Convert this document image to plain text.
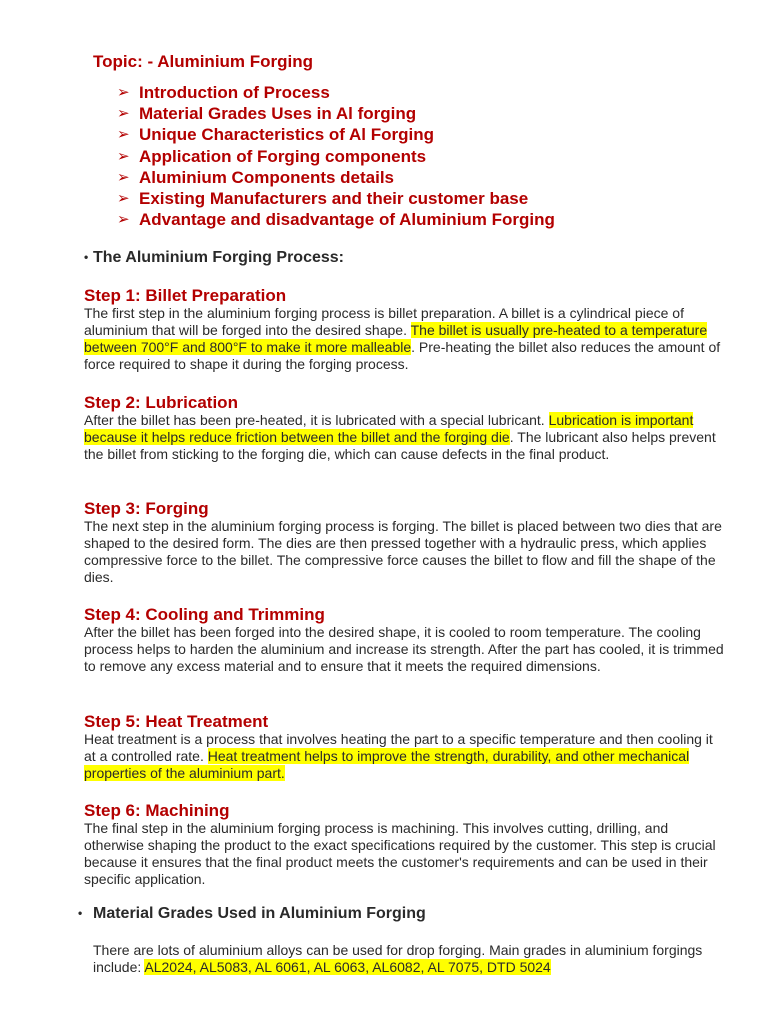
Topic: - Aluminium Forging
➢ Introduction of Process
➢ Material Grades Uses in Al forging
➢ Unique Characteristics of Al Forging
➢ Application of Forging components
➢ Aluminium Components details
➢ Existing Manufacturers and their customer base
➢ Advantage and disadvantage of Aluminium Forging
• The Aluminium Forging Process:
Step 1: Billet Preparation

The first step in the aluminium forging process is billet preparation. A billet is a cylindrical piece of aluminium that will be forged into the desired shape. The billet is usually pre-heated to a temperature between 700°F and 800°F to make it more malleable. Pre-heating the billet also reduces the amount of force required to shape it during the forging process.

Step 2: Lubrication

After the billet has been pre-heated, it is lubricated with a special lubricant. Lubrication is important because it helps reduce friction between the billet and the forging die. The lubricant also helps prevent the billet from sticking to the forging die, which can cause defects in the final product.

Step 3: Forging

The next step in the aluminium forging process is forging. The billet is placed between two dies that are shaped to the desired form. The dies are then pressed together with a hydraulic press, which applies compressive force to the billet. The compressive force causes the billet to flow and fill the shape of the dies.

Step 4: Cooling and Trimming

After the billet has been forged into the desired shape, it is cooled to room temperature. The cooling process helps to harden the aluminium and increase its strength. After the part has cooled, it is trimmed to remove any excess material and to ensure that it meets the required dimensions.

Step 5: Heat Treatment

Heat treatment is a process that involves heating the part to a specific temperature and then cooling it at a controlled rate. Heat treatment helps to improve the strength, durability, and other mechanical properties of the aluminium part.

Step 6: Machining

The final step in the aluminium forging process is machining. This involves cutting, drilling, and otherwise shaping the product to the exact specifications required by the customer. This step is crucial because it ensures that the final product meets the customer's requirements and can be used in their specific application.

• Material Grades Used in Aluminium Forging

There are lots of aluminium alloys can be used for drop forging. Main grades in aluminium forgings include: AL2024, AL5083, AL 6061, AL 6063, AL6082, AL 7075, DTD 5024
